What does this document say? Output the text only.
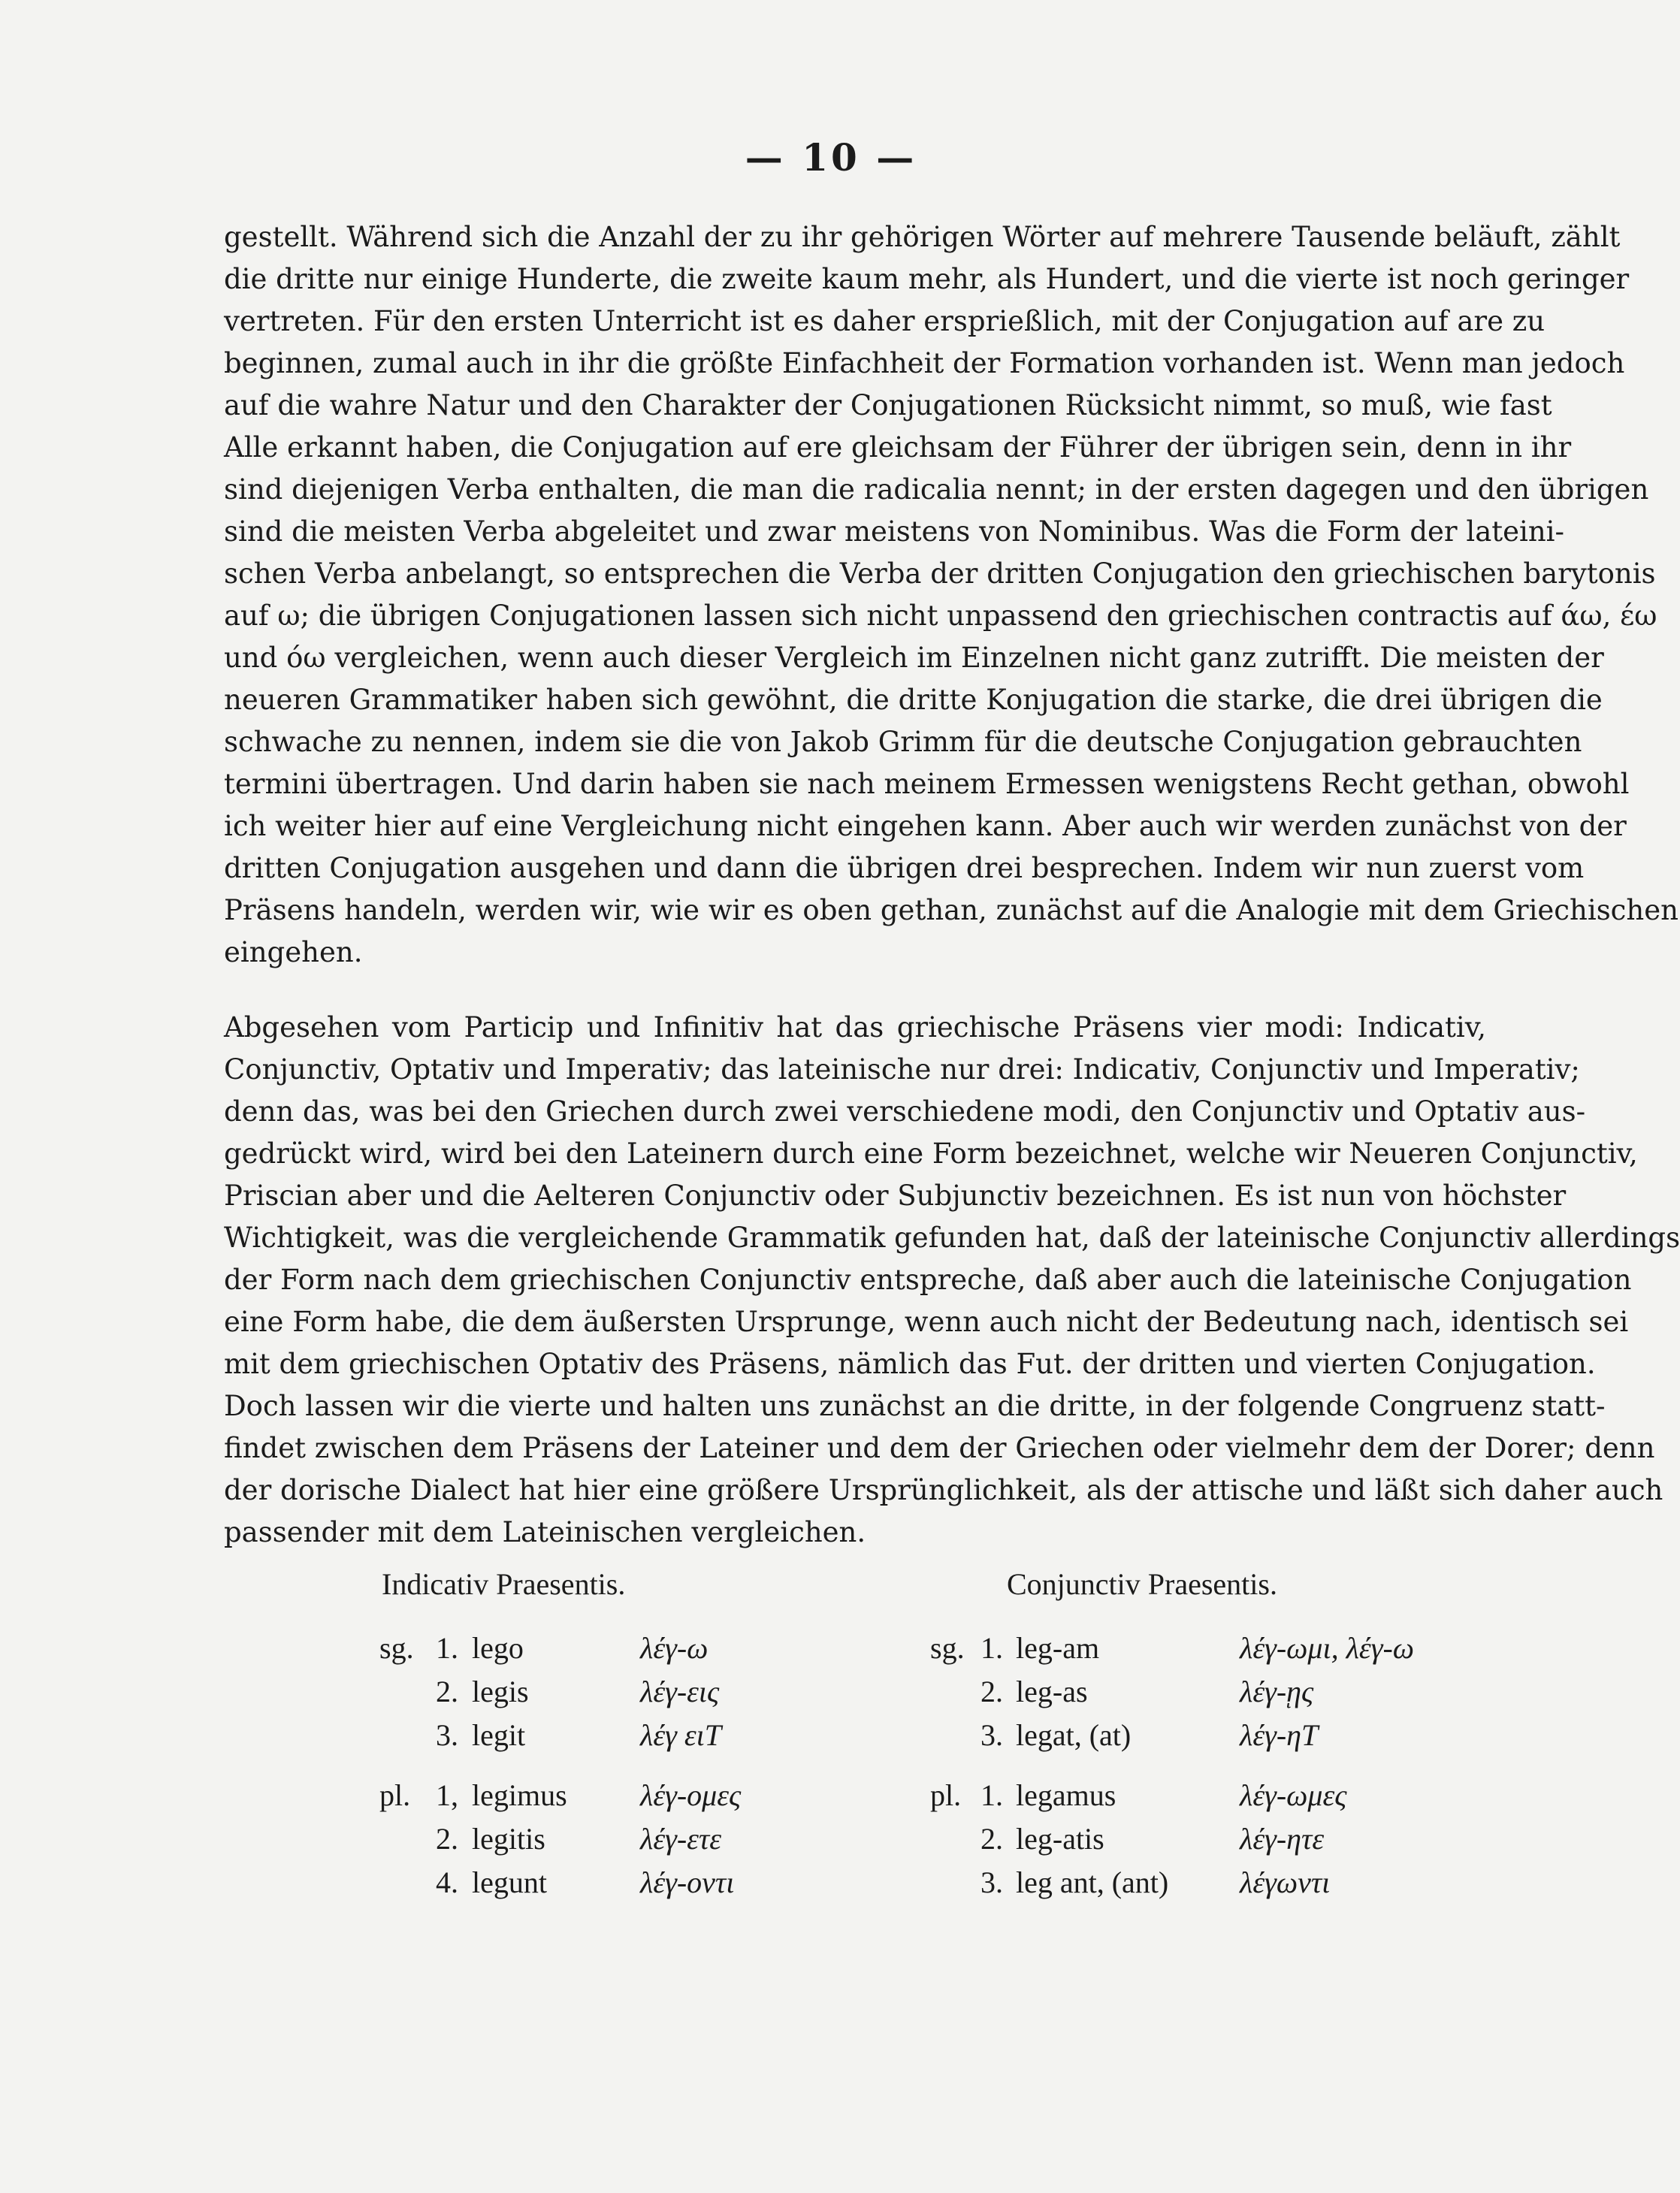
— 10 —
gestellt. Während sich die Anzahl der zu ihr gehörigen Wörter auf mehrere Tausende beläuft, zählt
die dritte nur einige Hunderte, die zweite kaum mehr, als Hundert, und die vierte ist noch geringer
vertreten. Für den ersten Unterricht ist es daher ersprießlich, mit der Conjugation auf are zu
beginnen, zumal auch in ihr die größte Einfachheit der Formation vorhanden ist. Wenn man jedoch
auf die wahre Natur und den Charakter der Conjugationen Rücksicht nimmt, so muß, wie fast
Alle erkannt haben, die Conjugation auf ere gleichsam der Führer der übrigen sein, denn in ihr
sind diejenigen Verba enthalten, die man die radicalia nennt; in der ersten dagegen und den übrigen
sind die meisten Verba abgeleitet und zwar meistens von Nominibus. Was die Form der lateini-
schen Verba anbelangt, so entsprechen die Verba der dritten Conjugation den griechischen barytonis
auf ω; die übrigen Conjugationen lassen sich nicht unpassend den griechischen contractis auf άω, έω
und όω vergleichen, wenn auch dieser Vergleich im Einzelnen nicht ganz zutrifft. Die meisten der
neueren Grammatiker haben sich gewöhnt, die dritte Konjugation die starke, die drei übrigen die
schwache zu nennen, indem sie die von Jakob Grimm für die deutsche Conjugation gebrauchten
termini übertragen. Und darin haben sie nach meinem Ermessen wenigstens Recht gethan, obwohl
ich weiter hier auf eine Vergleichung nicht eingehen kann. Aber auch wir werden zunächst von der
dritten Conjugation ausgehen und dann die übrigen drei besprechen. Indem wir nun zuerst vom
Präsens handeln, werden wir, wie wir es oben gethan, zunächst auf die Analogie mit dem Griechischen
eingehen.
Abgesehen vom Particip und Infinitiv hat das griechische Präsens vier modi: Indicativ,
Conjunctiv, Optativ und Imperativ; das lateinische nur drei: Indicativ, Conjunctiv und Imperativ;
denn das, was bei den Griechen durch zwei verschiedene modi, den Conjunctiv und Optativ aus-
gedrückt wird, wird bei den Lateinern durch eine Form bezeichnet, welche wir Neueren Conjunctiv,
Priscian aber und die Aelteren Conjunctiv oder Subjunctiv bezeichnen. Es ist nun von höchster
Wichtigkeit, was die vergleichende Grammatik gefunden hat, daß der lateinische Conjunctiv allerdings
der Form nach dem griechischen Conjunctiv entspreche, daß aber auch die lateinische Conjugation
eine Form habe, die dem äußersten Ursprunge, wenn auch nicht der Bedeutung nach, identisch sei
mit dem griechischen Optativ des Präsens, nämlich das Fut. der dritten und vierten Conjugation.
Doch lassen wir die vierte und halten uns zunächst an die dritte, in der folgende Congruenz statt-
findet zwischen dem Präsens der Lateiner und dem der Griechen oder vielmehr dem der Dorer; denn
der dorische Dialect hat hier eine größere Ursprünglichkeit, als der attische und läßt sich daher auch
passender mit dem Lateinischen vergleichen.
Indicativ Praesentis.	Conjunctiv Praesentis.
sg. 1. lego	λέγ-ω
2. legis	λέγ-εις
3. legit	λέγ ειΤ
pl. 1, legimus λέγ-ομες
2. legitis	λέγ-ετε
4. legunt	λέγ-οντι
sg. 1. leg-am	λέγ-ωμι, λέγ-ω
2. leg-as	λέγ-ῃς
3. legat, (at)	λέγ-ηΤ
pl. 1. legamus	λέγ-ωμες
2. leg-atis	λέγ-ητε
3. leg ant, (ant) λέγωντι
